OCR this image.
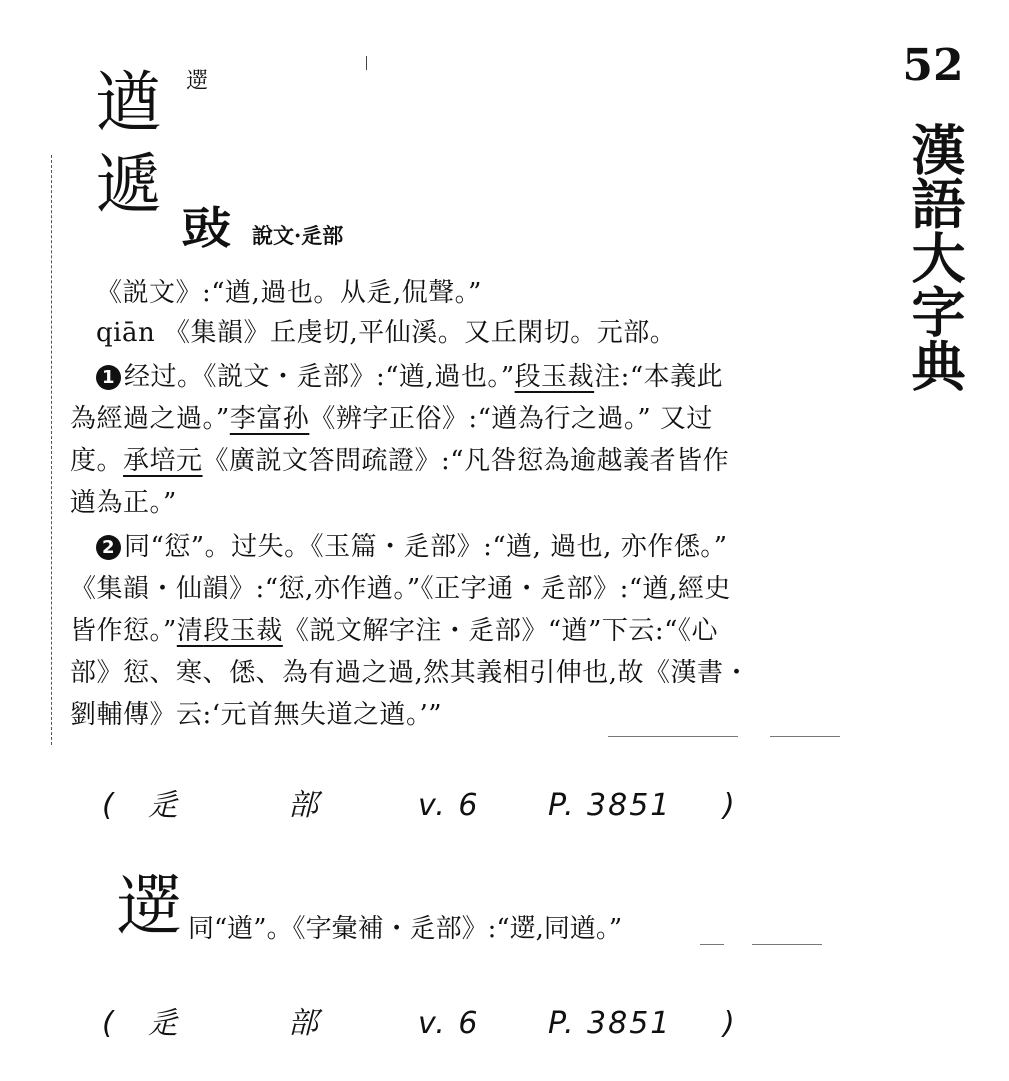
52
漢語大字典
遒 遻
遞
䜴 說文·辵部
《説文》:“遒,過也。从辵,侃聲。”
qiān 《集韻》丘虔切,平仙溪。又丘閑切。元部。
1 经过。《説文・辵部》:“遒,過也。”段玉裁注:“本義此
為經過之過。”李富孙《辨字正俗》:“遒為行之過。” 又过
度。承培元《廣説文答問疏證》:“凡咎愆為逾越義者皆作
遒為正。”
2 同“愆”。过失。《玉篇・辵部》:“遒, 過也, 亦作僁。”
《集韻・仙韻》:“愆,亦作遒。”《正字通・辵部》:“遒,經史
皆作愆。”清段玉裁《説文解字注・辵部》“遒”下云:“《心
部》愆、寒、僁、為有過之過,然其義相引伸也,故《漢書・
劉輔傳》云:‘元首無失道之遒。’”
( 辵	部	v. 6 P. 3851 )
遻 同“遒”。《字彙補・辵部》:“遻,同遒。”
( 辵	部	v. 6 P. 3851 )
